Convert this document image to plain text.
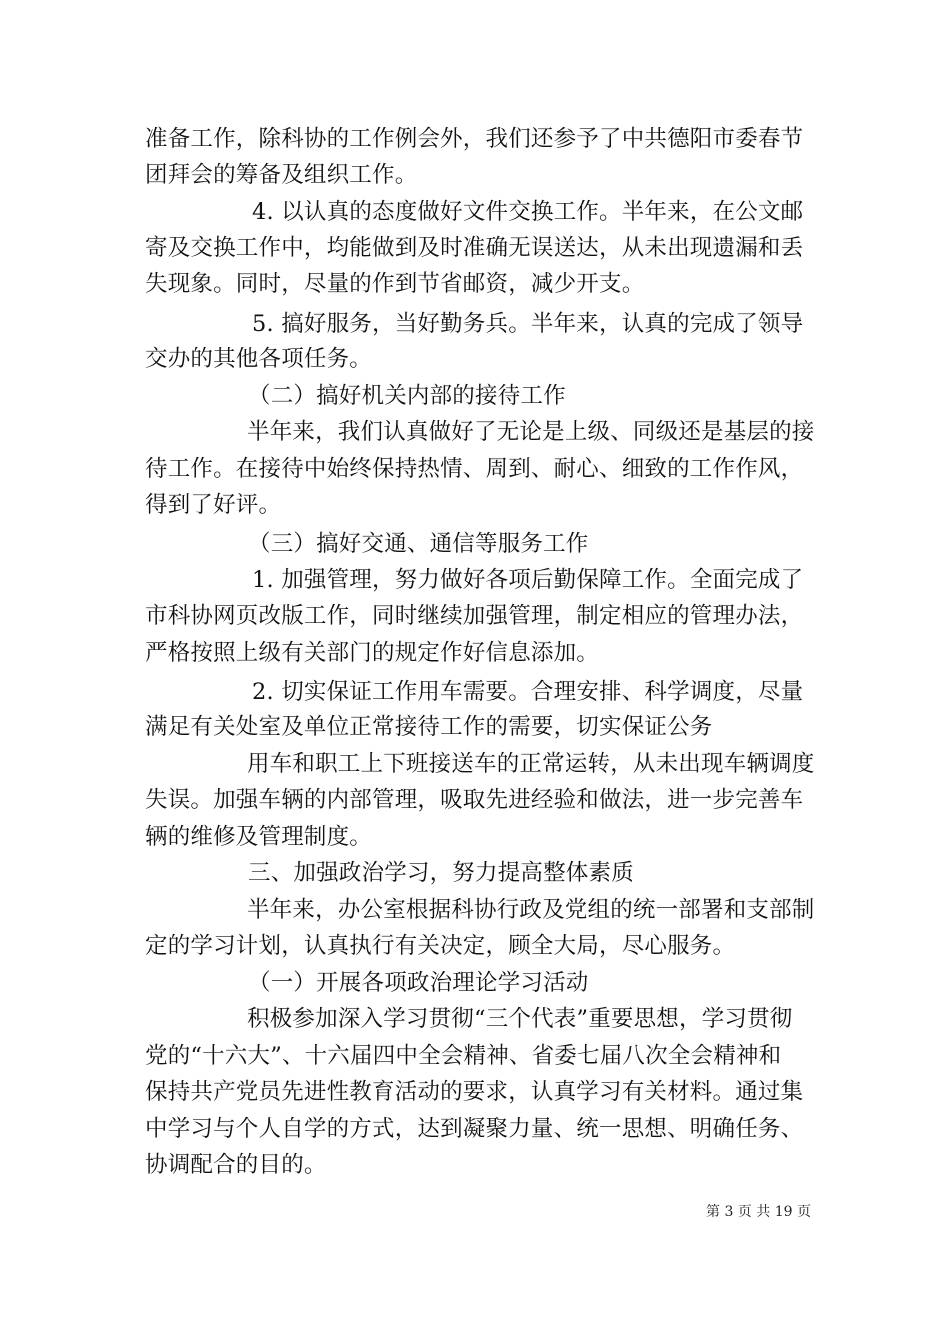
准备工作，除科协的工作例会外，我们还参予了中共德阳市委春节
团拜会的筹备及组织工作。
4. 以认真的态度做好文件交换工作。半年来，在公文邮
寄及交换工作中，均能做到及时准确无误送达，从未出现遗漏和丢
失现象。同时，尽量的作到节省邮资，减少开支。
5. 搞好服务，当好勤务兵。半年来，认真的完成了领导
交办的其他各项任务。
（二）搞好机关内部的接待工作
半年来，我们认真做好了无论是上级、同级还是基层的接
待工作。在接待中始终保持热情、周到、耐心、细致的工作作风，
得到了好评。
（三）搞好交通、通信等服务工作
1. 加强管理，努力做好各项后勤保障工作。全面完成了
市科协网页改版工作，同时继续加强管理，制定相应的管理办法，
严格按照上级有关部门的规定作好信息添加。
2. 切实保证工作用车需要。合理安排、科学调度，尽量
满足有关处室及单位正常接待工作的需要，切实保证公务
用车和职工上下班接送车的正常运转，从未出现车辆调度
失误。加强车辆的内部管理，吸取先进经验和做法，进一步完善车
辆的维修及管理制度。
三、加强政治学习，努力提高整体素质
半年来，办公室根据科协行政及党组的统一部署和支部制
定的学习计划，认真执行有关决定，顾全大局，尽心服务。
（一）开展各项政治理论学习活动
积极参加深入学习贯彻“三个代表”重要思想，学习贯彻
党的“十六大”、十六届四中全会精神、省委七届八次全会精神和
保持共产党员先进性教育活动的要求，认真学习有关材料。通过集
中学习与个人自学的方式，达到凝聚力量、统一思想、明确任务、
协调配合的目的。
第 3 页 共 19 页
